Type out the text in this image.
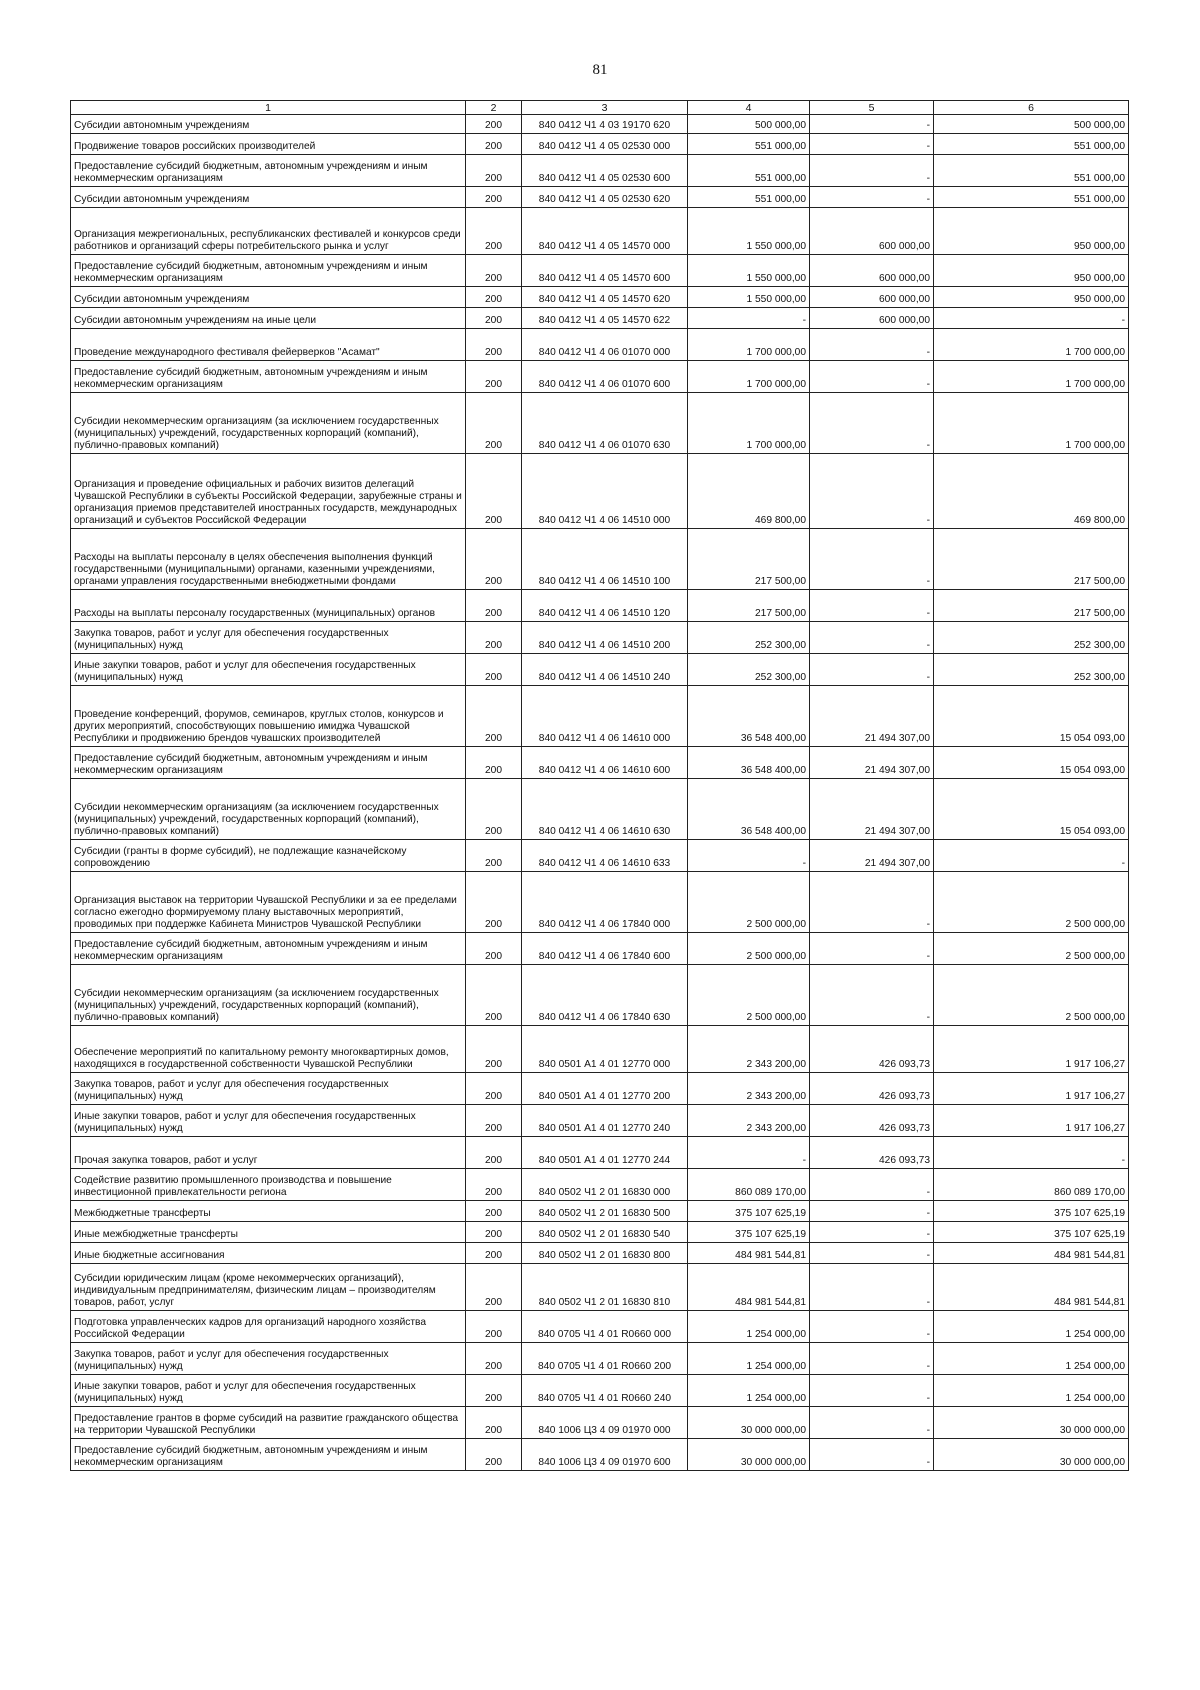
81
1	2	3	4	5	6
Субсидии автономным учреждениям	200	840 0412 Ч1 4 03 19170 620	500 000,00	-	500 000,00
Продвижение товаров российских производителей	200	840 0412 Ч1 4 05 02530 000	551 000,00	-	551 000,00
Предоставление субсидий бюджетным, автономным учреждениям и иным некоммерческим организациям	200	840 0412 Ч1 4 05 02530 600	551 000,00	-	551 000,00
Субсидии автономным учреждениям	200	840 0412 Ч1 4 05 02530 620	551 000,00	-	551 000,00
Организация межрегиональных, республиканских фестивалей и конкурсов среди работников и организаций сферы потребительского рынка и услуг	200	840 0412 Ч1 4 05 14570 000	1 550 000,00	600 000,00	950 000,00
Предоставление субсидий бюджетным, автономным учреждениям и иным некоммерческим организациям	200	840 0412 Ч1 4 05 14570 600	1 550 000,00	600 000,00	950 000,00
Субсидии автономным учреждениям	200	840 0412 Ч1 4 05 14570 620	1 550 000,00	600 000,00	950 000,00
Субсидии автономным учреждениям на иные цели	200	840 0412 Ч1 4 05 14570 622	-	600 000,00	-
Проведение международного фестиваля фейерверков "Асамат"	200	840 0412 Ч1 4 06 01070 000	1 700 000,00	-	1 700 000,00
Предоставление субсидий бюджетным, автономным учреждениям и иным некоммерческим организациям	200	840 0412 Ч1 4 06 01070 600	1 700 000,00	-	1 700 000,00
Субсидии некоммерческим организациям (за исключением государственных (муниципальных) учреждений, государственных корпораций (компаний), публично-правовых компаний)	200	840 0412 Ч1 4 06 01070 630	1 700 000,00	-	1 700 000,00
Организация и проведение официальных и рабочих визитов делегаций Чувашской Республики в субъекты Российской Федерации, зарубежные страны и организация приемов представителей иностранных государств, международных организаций и субъектов Российской Федерации	200	840 0412 Ч1 4 06 14510 000	469 800,00	-	469 800,00
Расходы на выплаты персоналу в целях обеспечения выполнения функций государственными (муниципальными) органами, казенными учреждениями, органами управления государственными внебюджетными фондами	200	840 0412 Ч1 4 06 14510 100	217 500,00	-	217 500,00
Расходы на выплаты персоналу государственных (муниципальных) органов	200	840 0412 Ч1 4 06 14510 120	217 500,00	-	217 500,00
Закупка товаров, работ и услуг для обеспечения государственных (муниципальных) нужд	200	840 0412 Ч1 4 06 14510 200	252 300,00	-	252 300,00
Иные закупки товаров, работ и услуг для обеспечения государственных (муниципальных) нужд	200	840 0412 Ч1 4 06 14510 240	252 300,00	-	252 300,00
Проведение конференций, форумов, семинаров, круглых столов, конкурсов и других мероприятий, способствующих повышению имиджа Чувашской Республики и продвижению брендов чувашских производителей	200	840 0412 Ч1 4 06 14610 000	36 548 400,00	21 494 307,00	15 054 093,00
Предоставление субсидий бюджетным, автономным учреждениям и иным некоммерческим организациям	200	840 0412 Ч1 4 06 14610 600	36 548 400,00	21 494 307,00	15 054 093,00
Субсидии некоммерческим организациям (за исключением государственных (муниципальных) учреждений, государственных корпораций (компаний), публично-правовых компаний)	200	840 0412 Ч1 4 06 14610 630	36 548 400,00	21 494 307,00	15 054 093,00
Субсидии (гранты в форме субсидий), не подлежащие казначейскому сопровождению	200	840 0412 Ч1 4 06 14610 633	-	21 494 307,00	-
Организация выставок на территории Чувашской Республики и за ее пределами согласно ежегодно формируемому плану выставочных мероприятий, проводимых при поддержке Кабинета Министров Чувашской Республики	200	840 0412 Ч1 4 06 17840 000	2 500 000,00	-	2 500 000,00
Предоставление субсидий бюджетным, автономным учреждениям и иным некоммерческим организациям	200	840 0412 Ч1 4 06 17840 600	2 500 000,00	-	2 500 000,00
Субсидии некоммерческим организациям (за исключением государственных (муниципальных) учреждений, государственных корпораций (компаний), публично-правовых компаний)	200	840 0412 Ч1 4 06 17840 630	2 500 000,00	-	2 500 000,00
Обеспечение мероприятий по капитальному ремонту многоквартирных домов, находящихся в государственной собственности Чувашской Республики	200	840 0501 А1 4 01 12770 000	2 343 200,00	426 093,73	1 917 106,27
Закупка товаров, работ и услуг для обеспечения государственных (муниципальных) нужд	200	840 0501 А1 4 01 12770 200	2 343 200,00	426 093,73	1 917 106,27
Иные закупки товаров, работ и услуг для обеспечения государственных (муниципальных) нужд	200	840 0501 А1 4 01 12770 240	2 343 200,00	426 093,73	1 917 106,27
Прочая закупка товаров, работ и услуг	200	840 0501 А1 4 01 12770 244	-	426 093,73	-
Содействие развитию промышленного производства и повышение инвестиционной привлекательности региона	200	840 0502 Ч1 2 01 16830 000	860 089 170,00	-	860 089 170,00
Межбюджетные трансферты	200	840 0502 Ч1 2 01 16830 500	375 107 625,19	-	375 107 625,19
Иные межбюджетные трансферты	200	840 0502 Ч1 2 01 16830 540	375 107 625,19	-	375 107 625,19
Иные бюджетные ассигнования	200	840 0502 Ч1 2 01 16830 800	484 981 544,81	-	484 981 544,81
Субсидии юридическим лицам (кроме некоммерческих организаций), индивидуальным предпринимателям, физическим лицам – производителям товаров, работ, услуг	200	840 0502 Ч1 2 01 16830 810	484 981 544,81	-	484 981 544,81
Подготовка управленческих кадров для организаций народного хозяйства Российской Федерации	200	840 0705 Ч1 4 01 R0660 000	1 254 000,00	-	1 254 000,00
Закупка товаров, работ и услуг для обеспечения государственных (муниципальных) нужд	200	840 0705 Ч1 4 01 R0660 200	1 254 000,00	-	1 254 000,00
Иные закупки товаров, работ и услуг для обеспечения государственных (муниципальных) нужд	200	840 0705 Ч1 4 01 R0660 240	1 254 000,00	-	1 254 000,00
Предоставление грантов в форме субсидий на развитие гражданского общества на территории Чувашской Республики	200	840 1006 Ц3 4 09 01970 000	30 000 000,00	-	30 000 000,00
Предоставление субсидий бюджетным, автономным учреждениям и иным некоммерческим организациям	200	840 1006 Ц3 4 09 01970 600	30 000 000,00	-	30 000 000,00
